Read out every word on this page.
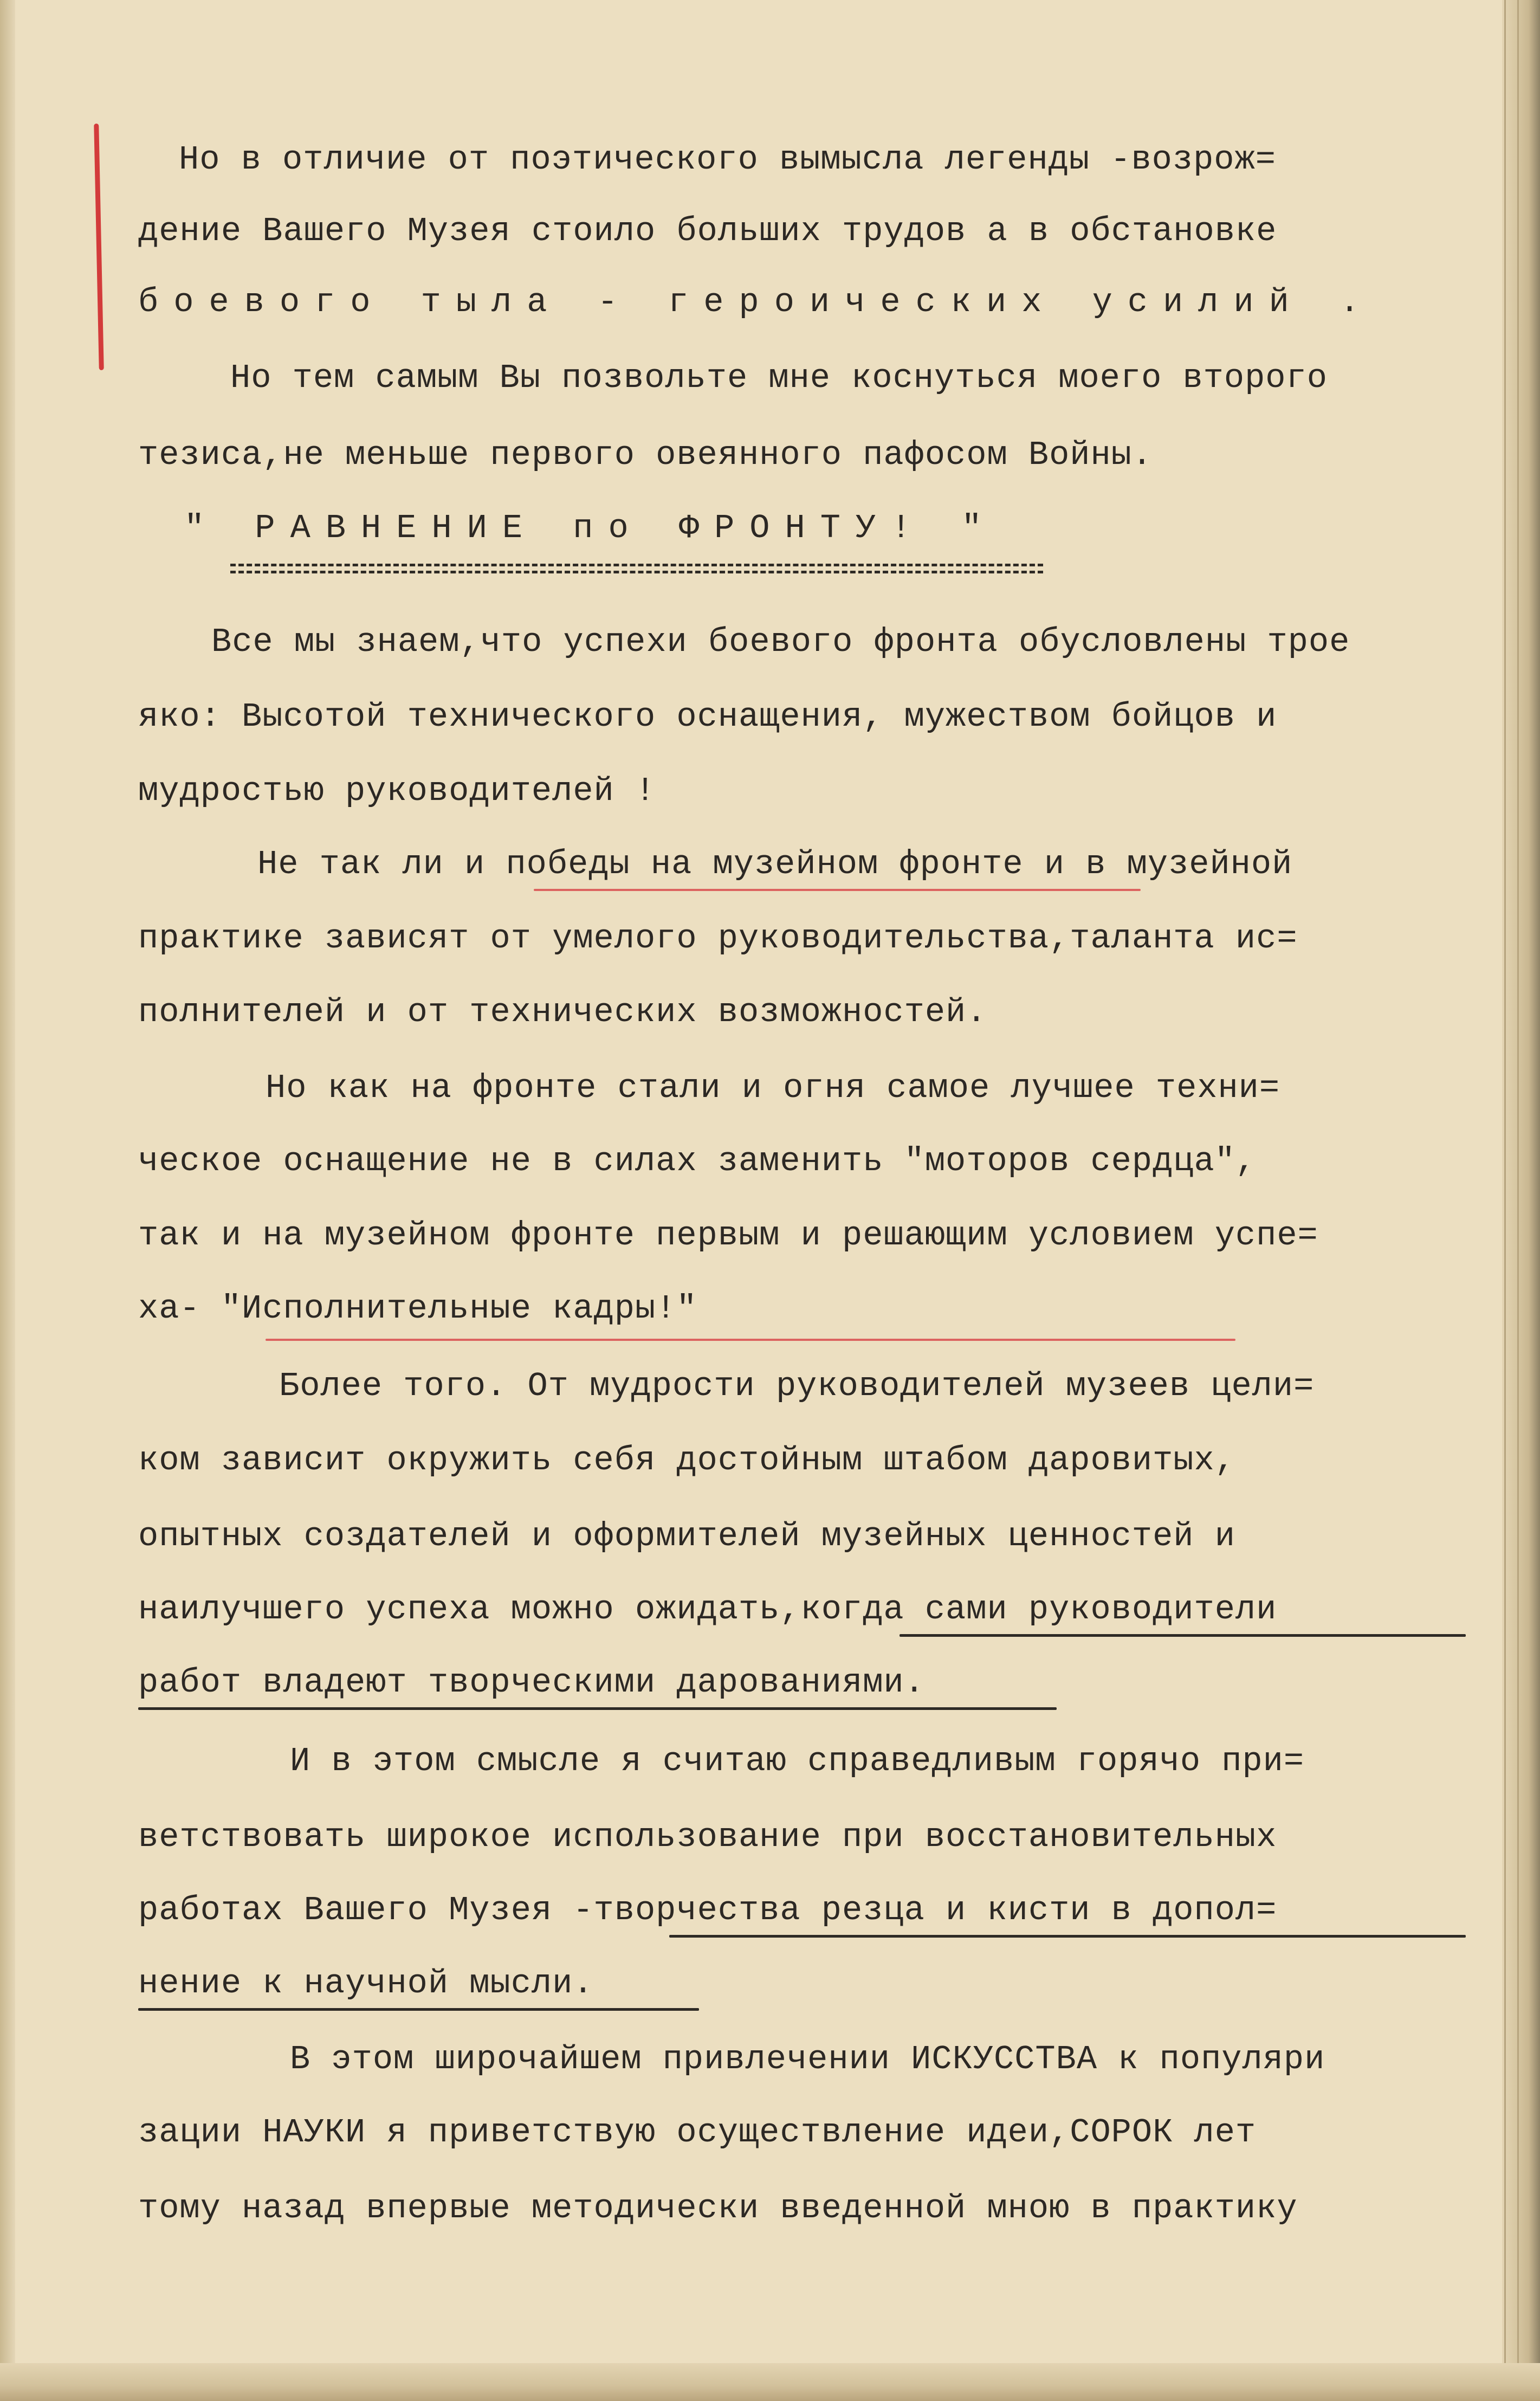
Но в отличие от поэтического вымысла легенды -возрож=
дение Вашего Музея стоило больших трудов а в обстановке
боевого тыла - героических усилий .
Но тем самым Вы позвольте мне коснуться моего второго
тезиса,не меньше первого овеянного пафосом Войны.
" РАВНЕНИЕ по ФРОНТУ! "
Все мы знаем,что успехи боевого фронта обусловлены трое
яко: Высотой технического оснащения, мужеством бойцов и
мудростью руководителей !
Не так ли и победы на музейном фронте и в музейной
практике зависят от умелого руководительства,таланта ис=
полнителей и от технических возможностей.
Но как на фронте стали и огня самое лучшее техни=
ческое оснащение не в силах заменить "моторов сердца",
так и на музейном фронте первым и решающим условием успе=
ха- "Исполнительные кадры!"
Более того. От мудрости руководителей музеев цели=
ком зависит окружить себя достойным штабом даровитых,
опытных создателей и оформителей музейных ценностей и
наилучшего успеха можно ожидать,когда сами руководители
работ владеют творческими дарованиями.
И в этом смысле я считаю справедливым горячо при=
ветствовать широкое использование при восстановительных
работах Вашего Музея -творчества резца и кисти в допол=
нение к научной мысли.
В этом широчайшем привлечении ИСКУССТВА к популяри
зации НАУКИ я приветствую осуществление идеи,СОРОК лет
тому назад впервые методически введенной мною в практику
